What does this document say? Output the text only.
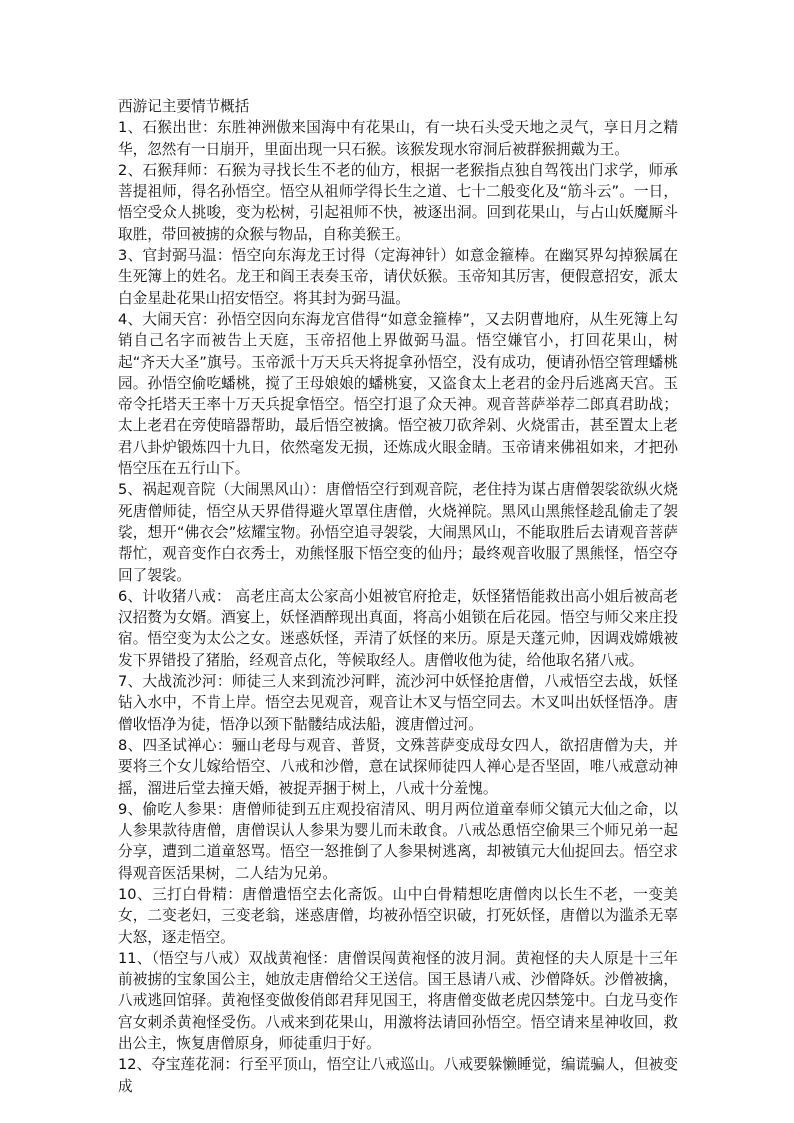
西游记主要情节概括

1、石猴出世：东胜神洲傲来国海中有花果山，有一块石头受天地之灵气，享日月之精华，忽然有一日崩开，里面出现一只石猴。该猴发现水帘洞后被群猴拥戴为王。

2、石猴拜师：石猴为寻找长生不老的仙方，根据一老猴指点独自驾筏出门求学，师承菩提祖师，得名孙悟空。悟空从祖师学得长生之道、七十二般变化及“筋斗云”。一日，悟空受众人挑唆，变为松树，引起祖师不快，被逐出洞。回到花果山，与占山妖魔厮斗取胜，带回被掳的众猴与物品，自称美猴王。

3、官封弼马温：悟空向东海龙王讨得（定海神针）如意金箍棒。在幽冥界勾掉猴属在生死簿上的姓名。龙王和阎王表奏玉帝，请伏妖猴。玉帝知其厉害，便假意招安，派太白金星赴花果山招安悟空。将其封为弼马温。

4、大闹天宫：孙悟空因向东海龙宫借得“如意金箍棒”，又去阴曹地府，从生死簿上勾销自己名字而被告上天庭，玉帝招他上界做弼马温。悟空嫌官小，打回花果山，树起“齐天大圣”旗号。玉帝派十万天兵天将捉拿孙悟空，没有成功，便请孙悟空管理蟠桃园。孙悟空偷吃蟠桃，搅了王母娘娘的蟠桃宴，又盗食太上老君的金丹后逃离天宫。玉帝令托塔天王率十万天兵捉拿悟空。悟空打退了众天神。观音菩萨举荐二郎真君助战；太上老君在旁使暗器帮助，最后悟空被擒。悟空被刀砍斧剁、火烧雷击，甚至置太上老君八卦炉锻炼四十九日，依然毫发无损，还炼成火眼金睛。玉帝请来佛祖如来，才把孙悟空压在五行山下。

5、祸起观音院（大闹黑风山）：唐僧悟空行到观音院，老住持为谋占唐僧袈裟欲纵火烧死唐僧师徒，悟空从天界借得避火罩罩住唐僧，火烧禅院。黑风山黑熊怪趁乱偷走了袈裟，想开“佛衣会”炫耀宝物。孙悟空追寻袈裟，大闹黑风山，不能取胜后去请观音菩萨帮忙，观音变作白衣秀士，劝熊怪服下悟空变的仙丹；最终观音收服了黑熊怪，悟空夺回了袈裟。

6、计收猪八戒： 高老庄高太公家高小姐被官府抢走，妖怪猪悟能救出高小姐后被高老汉招赘为女婿。酒宴上，妖怪酒醉现出真面，将高小姐锁在后花园。悟空与师父来庄投宿。悟空变为太公之女。迷惑妖怪，弄清了妖怪的来历。原是天蓬元帅，因调戏嫦娥被发下界错投了猪胎，经观音点化，等候取经人。唐僧收他为徒，给他取名猪八戒。

7、大战流沙河：师徒三人来到流沙河畔，流沙河中妖怪抢唐僧，八戒悟空去战，妖怪钻入水中，不肯上岸。悟空去见观音，观音让木叉与悟空同去。木叉叫出妖怪悟净。唐僧收悟净为徒，悟净以颈下骷髅结成法船，渡唐僧过河。

8、四圣试禅心：骊山老母与观音、普贤，文殊菩萨变成母女四人，欲招唐僧为夫，并要将三个女儿嫁给悟空、八戒和沙僧，意在试探师徒四人禅心是否坚固，唯八戒意动神摇，溜进后堂去撞天婚，被捉弄捆于树上，八戒十分羞愧。

9、偷吃人参果：唐僧师徒到五庄观投宿清风、明月两位道童奉师父镇元大仙之命，以人参果款待唐僧，唐僧误认人参果为婴儿而未敢食。八戒怂恿悟空偷果三个师兄弟一起分享，遭到二道童怒骂。悟空一怒推倒了人参果树逃离，却被镇元大仙捉回去。悟空求得观音医活果树，二人结为兄弟。

10、三打白骨精：唐僧遣悟空去化斋饭。山中白骨精想吃唐僧肉以长生不老，一变美女，二变老妇，三变老翁，迷惑唐僧，均被孙悟空识破，打死妖怪，唐僧以为滥杀无辜大怒，逐走悟空。

11、（悟空与八戒）双战黄袍怪：唐僧误闯黄袍怪的波月洞。黄袍怪的夫人原是十三年前被掳的宝象国公主，她放走唐僧给父王送信。国王恳请八戒、沙僧降妖。沙僧被擒，八戒逃回馆驿。黄袍怪变做俊俏郎君拜见国王，将唐僧变做老虎囚禁笼中。白龙马变作宫女刺杀黄袍怪受伤。八戒来到花果山，用激将法请回孙悟空。悟空请来星神收回，救出公主，恢复唐僧原身，师徒重归于好。

12、夺宝莲花洞：行至平顶山，悟空让八戒巡山。八戒要躲懒睡觉，编谎骗人，但被变成
